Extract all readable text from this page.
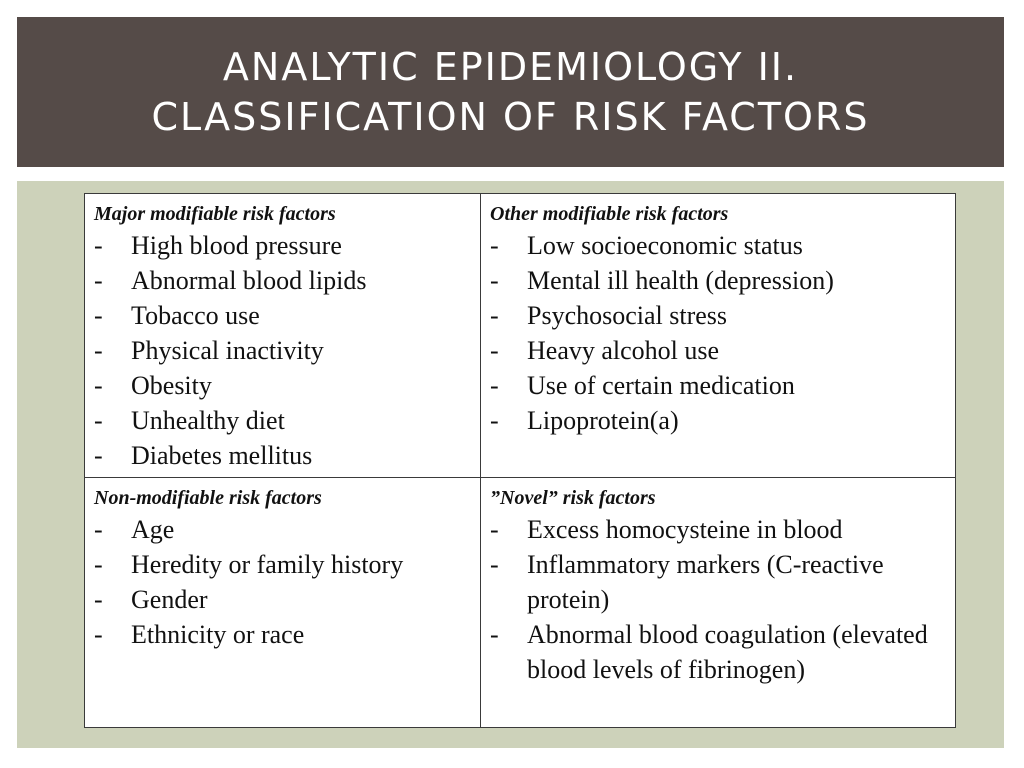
ANALYTIC EPIDEMIOLOGY II.
CLASSIFICATION OF RISK FACTORS
Major modifiable risk factors
-	High blood pressure
-	Abnormal blood lipids
-	Tobacco use
-	Physical inactivity
-	Obesity
-	Unhealthy diet
-	Diabetes mellitus
Other modifiable risk factors
-	Low socioeconomic status
-	Mental ill health (depression)
-	Psychosocial stress
-	Heavy alcohol use
-	Use of certain medication
-	Lipoprotein(a)
Non-modifiable risk factors
-	Age
-	Heredity or family history
-	Gender
-	Ethnicity or race
”Novel” risk factors
-	Excess homocysteine in blood
-	Inflammatory markers (C-reactive protein)
-	Abnormal blood coagulation (elevated blood levels of fibrinogen)
